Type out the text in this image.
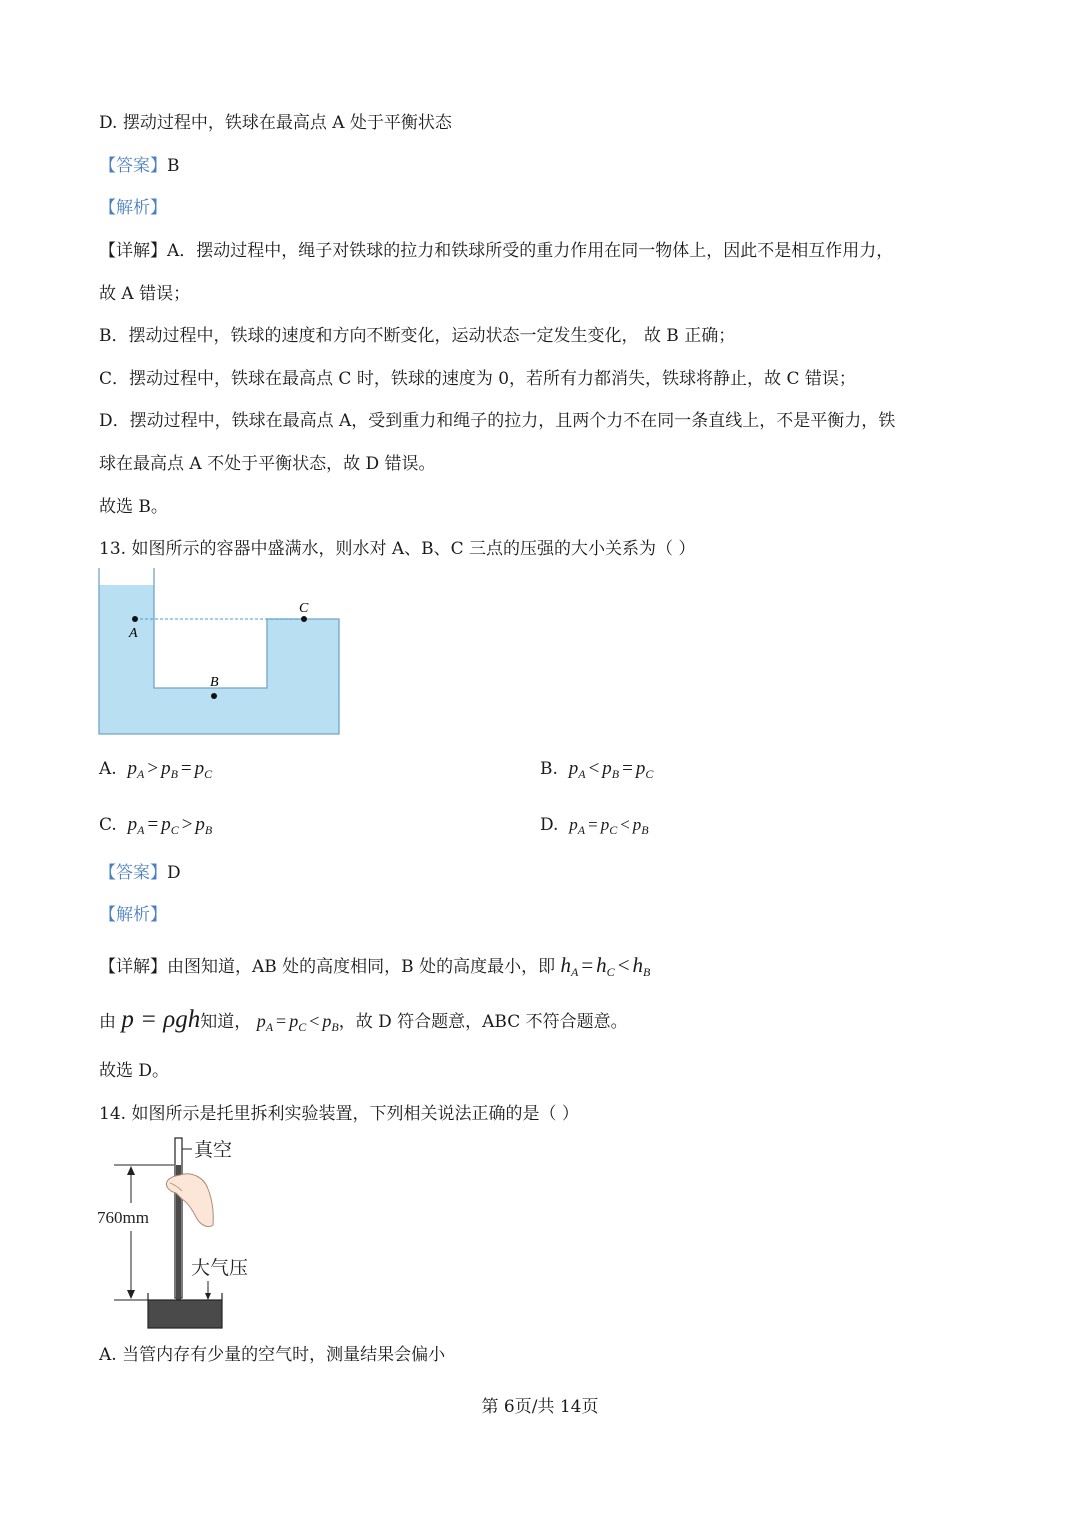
D. 摆动过程中，铁球在最高点 A 处于平衡状态
【答案】B
【解析】
【详解】A．摆动过程中，绳子对铁球的拉力和铁球所受的重力作用在同一物体上，因此不是相互作用力，
故 A 错误；
B．摆动过程中，铁球的速度和方向不断变化，运动状态一定发生变化， 故 B 正确；
C．摆动过程中，铁球在最高点 C 时，铁球的速度为 0，若所有力都消失，铁球将静止，故 C 错误；
D．摆动过程中，铁球在最高点 A，受到重力和绳子的拉力，且两个力不在同一条直线上，不是平衡力，铁
球在最高点 A 不处于平衡状态，故 D 错误。
故选 B。
13. 如图所示的容器中盛满水，则水对 A、B、C 三点的压强的大小关系为（ ）
A
C
B
A. $p_A > p_B = p_C$	B. $p_A < p_B = p_C$
C. $p_A = p_C > p_B$	D. $p_A = p_C < p_B$
【答案】D
【解析】
【详解】由图知道，AB 处的高度相同，B 处的高度最小，即 $h_A = h_C < h_B$
由 p = ρgh知道， $p_A = p_C < p_B$，故 D 符合题意，ABC 不符合题意。
故选 D。
14. 如图所示是托里拆利实验装置，下列相关说法正确的是（ ）
真空
760mm
大气压
A. 当管内存有少量的空气时，测量结果会偏小
第 6页/共 14页
